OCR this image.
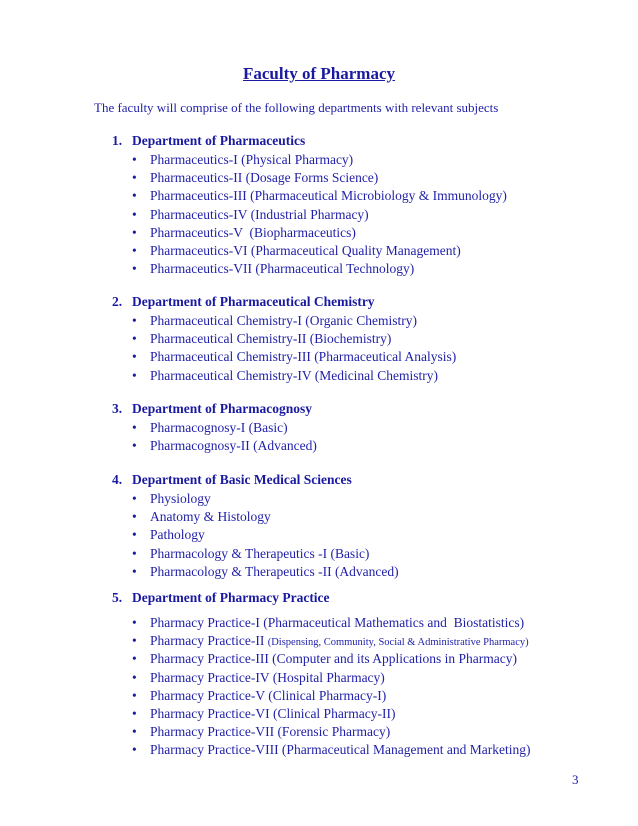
Faculty of Pharmacy
The faculty will comprise of the following departments with relevant subjects
1. Department of Pharmaceutics
• Pharmaceutics-I (Physical Pharmacy)
• Pharmaceutics-II (Dosage Forms Science)
• Pharmaceutics-III (Pharmaceutical Microbiology & Immunology)
• Pharmaceutics-IV (Industrial Pharmacy)
• Pharmaceutics-V  (Biopharmaceutics)
• Pharmaceutics-VI (Pharmaceutical Quality Management)
• Pharmaceutics-VII (Pharmaceutical Technology)
2. Department of Pharmaceutical Chemistry
• Pharmaceutical Chemistry-I (Organic Chemistry)
• Pharmaceutical Chemistry-II (Biochemistry)
• Pharmaceutical Chemistry-III (Pharmaceutical Analysis)
• Pharmaceutical Chemistry-IV (Medicinal Chemistry)
3. Department of Pharmacognosy
• Pharmacognosy-I (Basic)
• Pharmacognosy-II (Advanced)
4. Department of Basic Medical Sciences
• Physiology
• Anatomy & Histology
• Pathology
• Pharmacology & Therapeutics -I (Basic)
• Pharmacology & Therapeutics -II (Advanced)
5. Department of Pharmacy Practice
• Pharmacy Practice-I (Pharmaceutical Mathematics and  Biostatistics)
• Pharmacy Practice-II (Dispensing, Community, Social & Administrative Pharmacy)
• Pharmacy Practice-III (Computer and its Applications in Pharmacy)
• Pharmacy Practice-IV (Hospital Pharmacy)
• Pharmacy Practice-V (Clinical Pharmacy-I)
• Pharmacy Practice-VI (Clinical Pharmacy-II)
• Pharmacy Practice-VII (Forensic Pharmacy)
• Pharmacy Practice-VIII (Pharmaceutical Management and Marketing)
3
